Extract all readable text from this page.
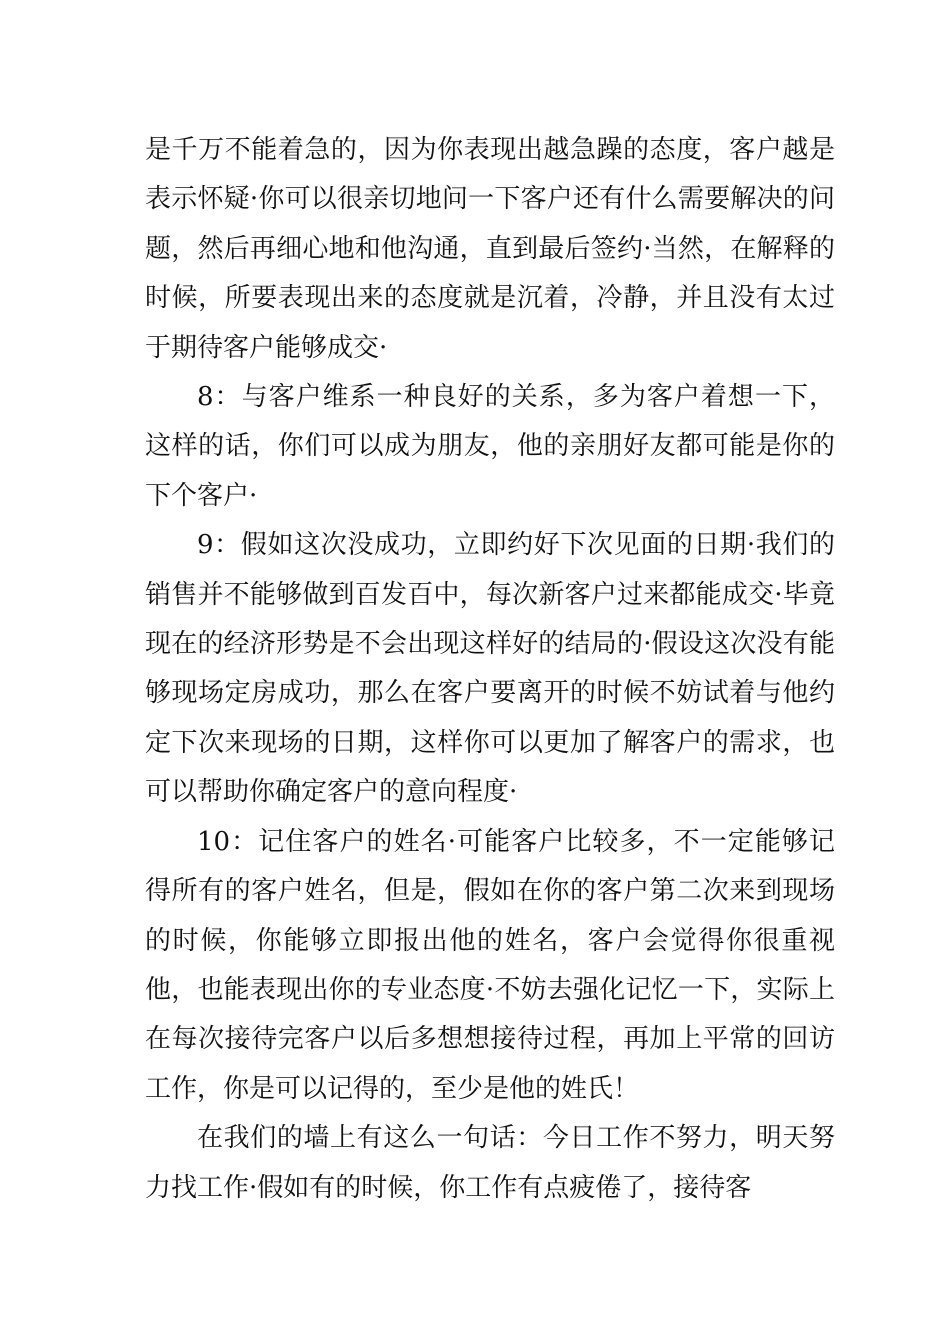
是千万不能着急的，因为你表现出越急躁的态度，客户越是表示怀疑·你可以很亲切地问一下客户还有什么需要解决的问题，然后再细心地和他沟通，直到最后签约·当然，在解释的时候，所要表现出来的态度就是沉着，冷静，并且没有太过于期待客户能够成交·

8：与客户维系一种良好的关系，多为客户着想一下，这样的话，你们可以成为朋友，他的亲朋好友都可能是你的下个客户·

9：假如这次没成功，立即约好下次见面的日期·我们的销售并不能够做到百发百中，每次新客户过来都能成交·毕竟现在的经济形势是不会出现这样好的结局的·假设这次没有能够现场定房成功，那么在客户要离开的时候不妨试着与他约定下次来现场的日期，这样你可以更加了解客户的需求，也可以帮助你确定客户的意向程度·

10：记住客户的姓名·可能客户比较多，不一定能够记得所有的客户姓名，但是，假如在你的客户第二次来到现场的时候，你能够立即报出他的姓名，客户会觉得你很重视他，也能表现出你的专业态度·不妨去强化记忆一下，实际上在每次接待完客户以后多想想接待过程，再加上平常的回访工作，你是可以记得的，至少是他的姓氏！

在我们的墙上有这么一句话：今日工作不努力，明天努力找工作·假如有的时候，你工作有点疲倦了，接待客
